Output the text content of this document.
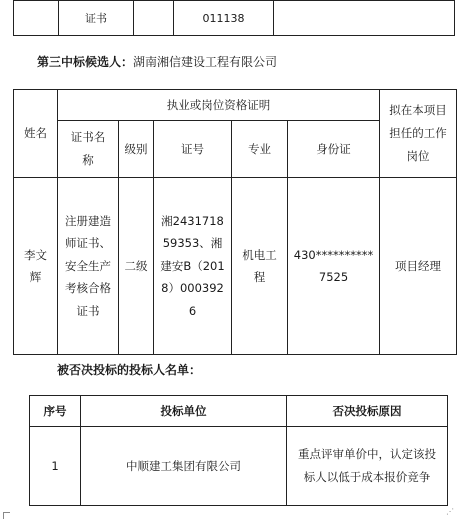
	证书		011138	
第三中标候选人：湖南湘信建设工程有限公司
姓名	执业或岗位资格证明					拟在本项目担任的工作岗位
	证书名称	级别	证号	专业	身份证	
李文辉	注册建造师证书、安全生产考核合格证书	二级	湘243171859353、湘建安B（2018）0003926	机电工程	430**********7525	项目经理
被否决投标的投标人名单：
序号	投标单位	否决投标原因
1	中顺建工集团有限公司	重点评审单价中，认定该投标人以低于成本报价竞争
⋰
